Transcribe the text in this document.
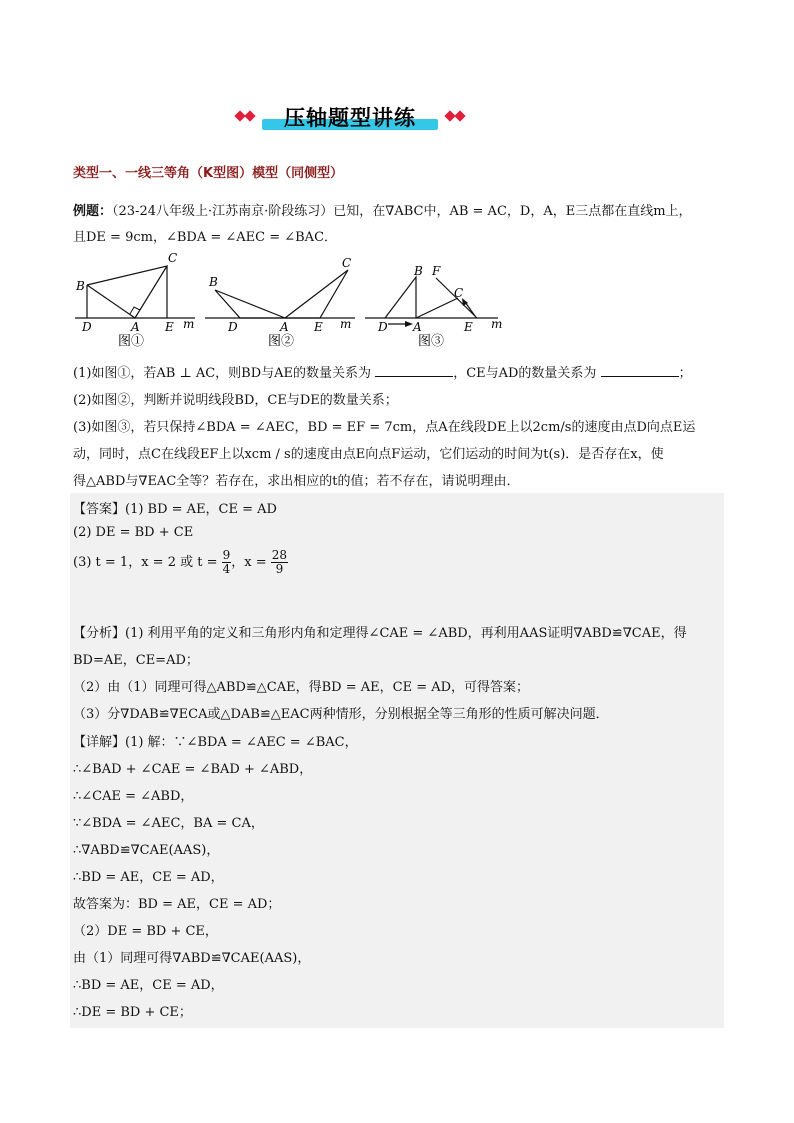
压轴题型讲练
类型一、一线三等角（K型图）模型（同侧型）
例题：（23-24八年级上·江苏南京·阶段练习）已知，在∇ABC中，AB = AC，D，A，E三点都在直线m上，
且DE = 9cm，∠BDA = ∠AEC = ∠BAC．
C
B
D	A E m
图①
C
B
D	A E m
图②
B F
C
D A	E m
图③
(1)如图①，若AB ⊥ AC，则BD与AE的数量关系为	，CE与AD的数量关系为	；
(2)如图②，判断并说明线段BD，CE与DE的数量关系；
(3)如图③，若只保持∠BDA = ∠AEC，BD = EF = 7cm，点A在线段DE上以2cm/s的速度由点D向点E运
动，同时，点C在线段EF上以xcm / s的速度由点E向点F运动，它们运动的时间为t(s)．是否存在x，使
得△ABD与∇EAC全等？若存在，求出相应的t的值；若不存在，请说明理由．
【答案】(1) BD = AE，CE = AD
(2) DE = BD + CE
(3) t = 1，x = 2 或 $t = \frac{9}{4}$ ，$x = \frac{28}{9}$
【分析】(1) 利用平角的定义和三角形内角和定理得∠CAE = ∠ABD，再利用AAS证明∇ABD≌∇CAE，得
BD=AE，CE=AD；
（2）由（1）同理可得△ABD≌△CAE，得BD = AE，CE = AD，可得答案；
（3）分∇DAB≌∇ECA或△DAB≌△EAC两种情形，分别根据全等三角形的性质可解决问题．
【详解】(1) 解：∵∠BDA = ∠AEC = ∠BAC，
∴∠BAD + ∠CAE = ∠BAD + ∠ABD，
∴∠CAE = ∠ABD，
∵∠BDA = ∠AEC，BA = CA，
∴∇ABD≌∇CAE(AAS)，
∴BD = AE，CE = AD，
故答案为：BD = AE，CE = AD；
（2）DE = BD + CE，
由（1）同理可得∇ABD≌∇CAE(AAS)，
∴BD = AE，CE = AD，
∴DE = BD + CE；
